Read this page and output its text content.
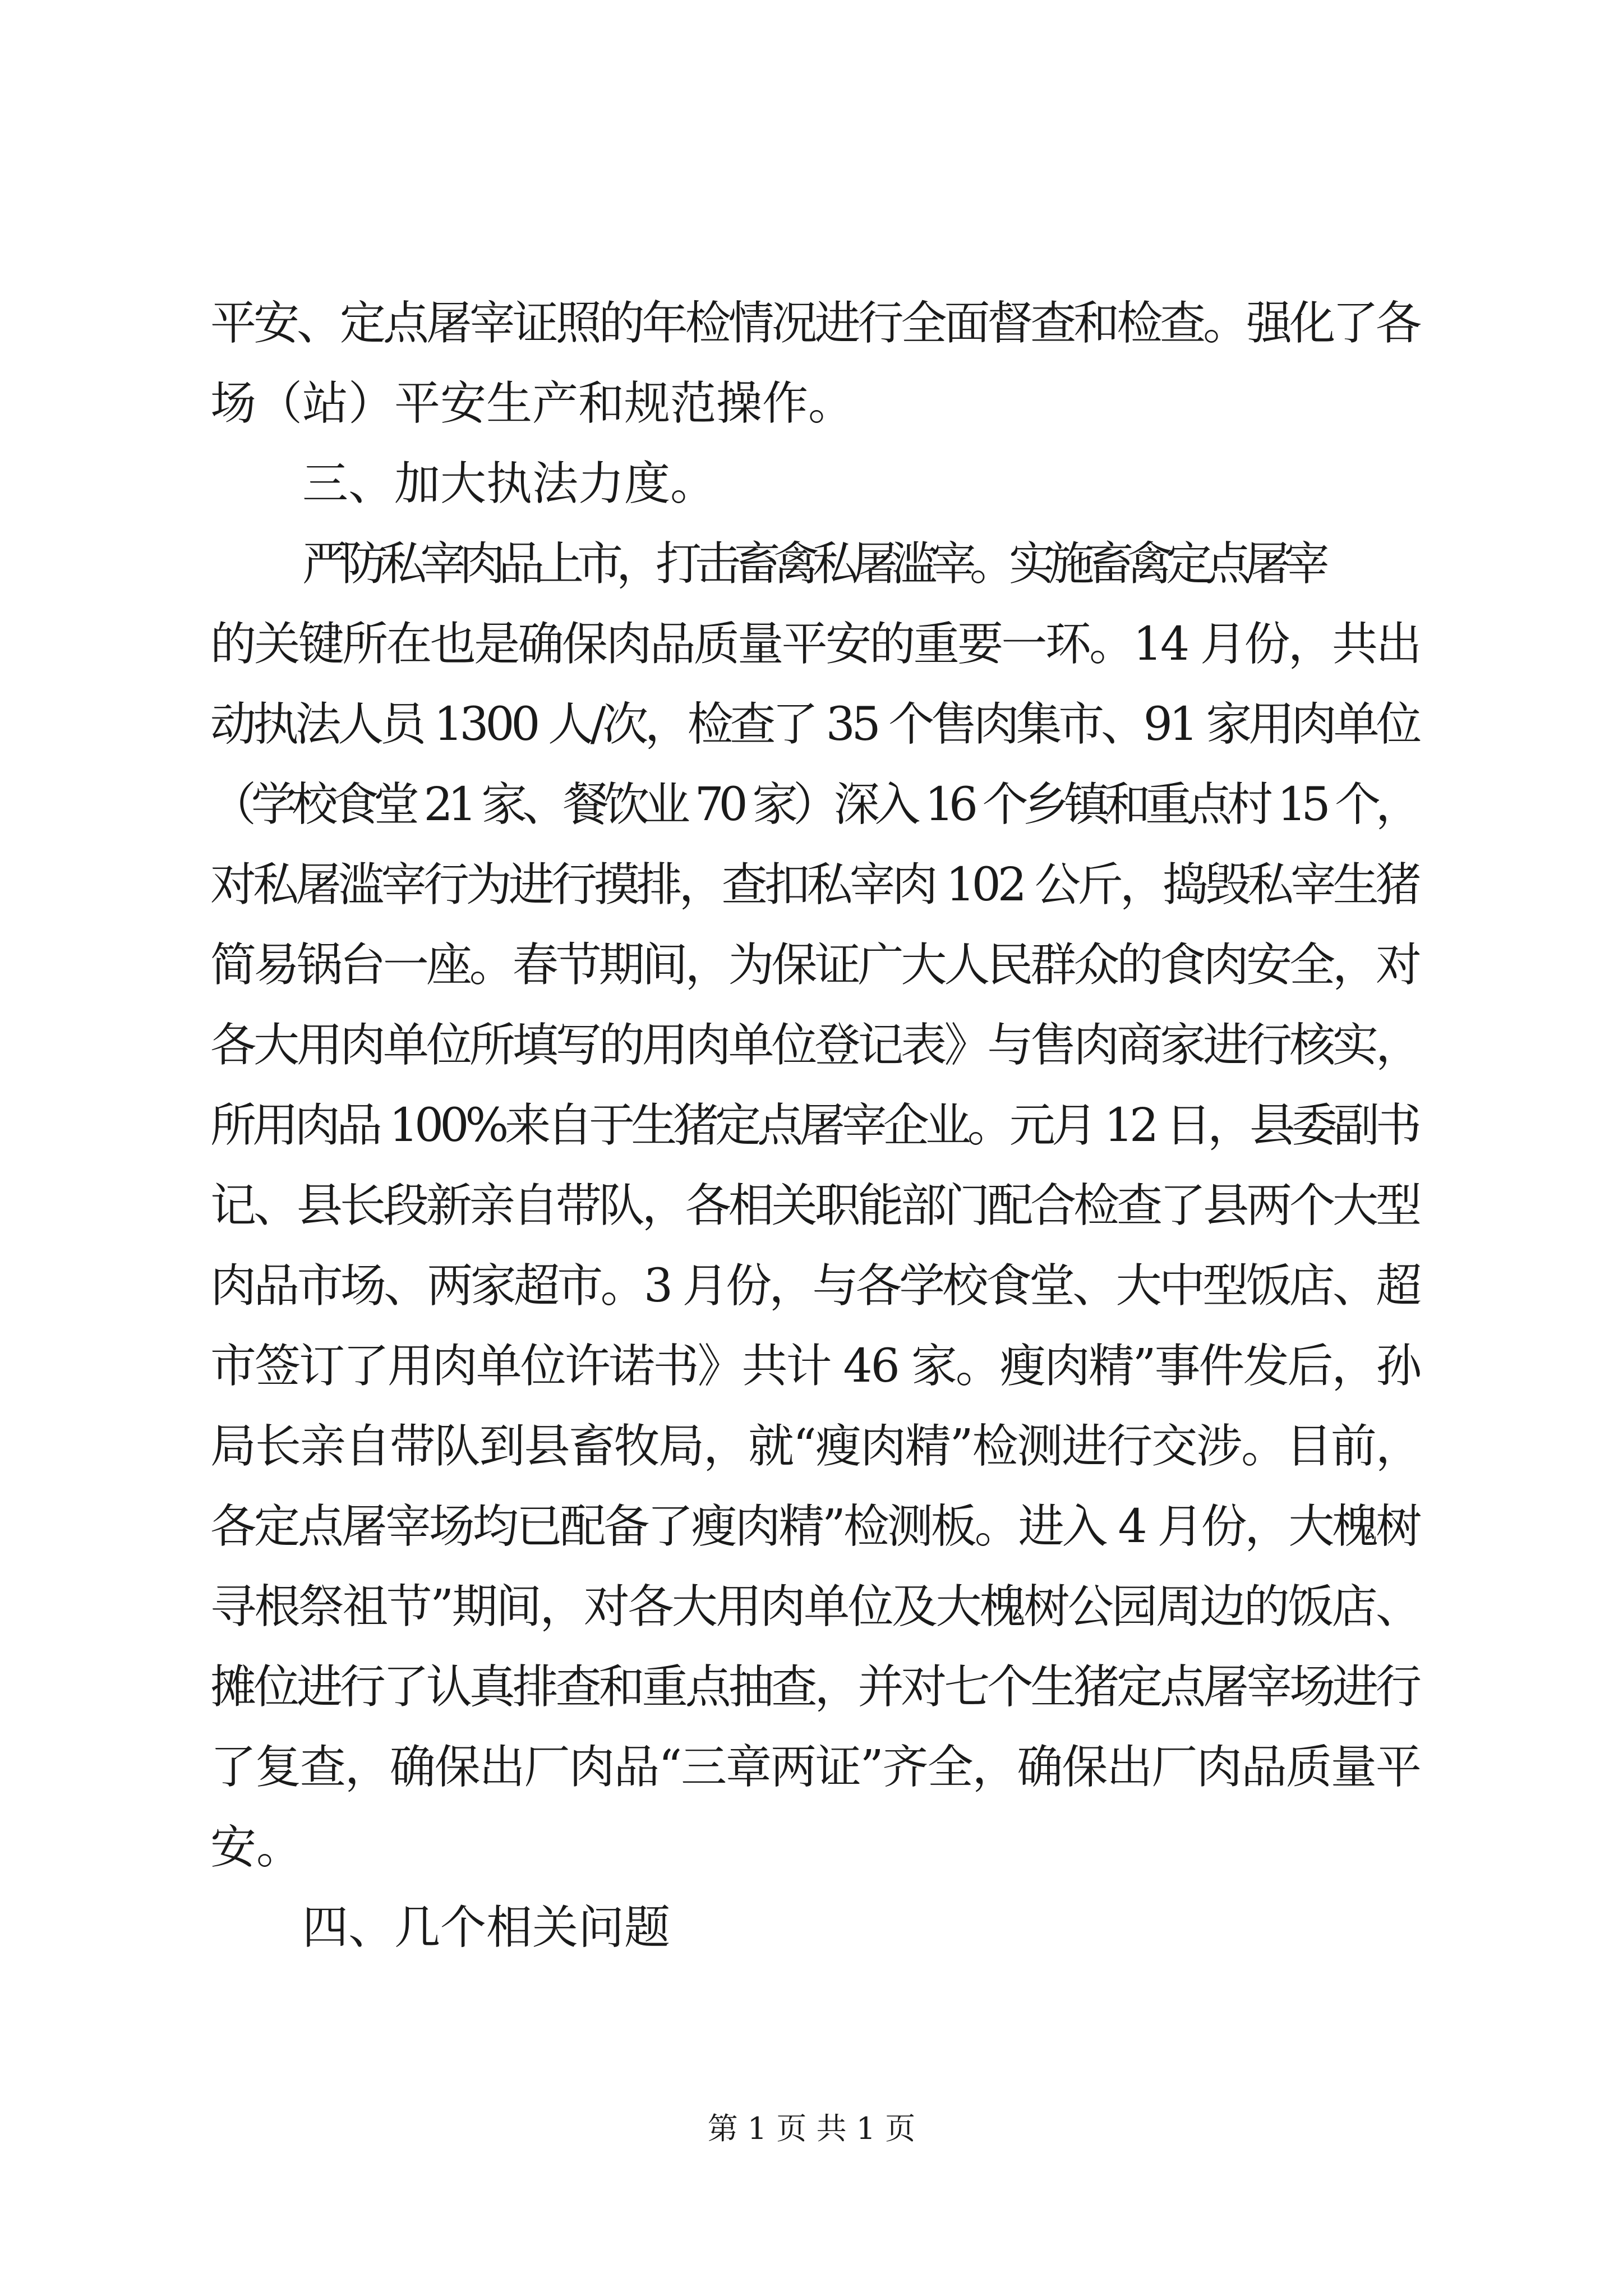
平安、定点屠宰证照的年检情况进行全面督查和检查。强化了各
场（站）平安生产和规范操作。
三、加大执法力度。
严防私宰肉品上市，打击畜禽私屠滥宰。实施畜禽定点屠宰
的关键所在也是确保肉品质量平安的重要一环。14 月份，共出
动执法人员 1300 人/次，检查了 35 个售肉集市、91 家用肉单位
（学校食堂 21 家、餐饮业 70 家）深入 16 个乡镇和重点村 15 个，
对私屠滥宰行为进行摸排，查扣私宰肉 102 公斤，捣毁私宰生猪
简易锅台一座。春节期间，为保证广大人民群众的食肉安全，对
各大用肉单位所填写的用肉单位登记表》与售肉商家进行核实，
所用肉品 100%来自于生猪定点屠宰企业。元月 12 日，县委副书
记、县长段新亲自带队，各相关职能部门配合检查了县两个大型
肉品市场、两家超市。3 月份，与各学校食堂、大中型饭店、超
市签订了用肉单位许诺书》共计 46 家。瘦肉精”事件发后，孙
局长亲自带队到县畜牧局，就“瘦肉精”检测进行交涉。目前，
各定点屠宰场均已配备了瘦肉精”检测板。进入 4 月份，大槐树
寻根祭祖节”期间，对各大用肉单位及大槐树公园周边的饭店、
摊位进行了认真排查和重点抽查，并对七个生猪定点屠宰场进行
了复查，确保出厂肉品“三章两证”齐全，确保出厂肉品质量平
安。
四、几个相关问题
第 1 页 共 1 页
